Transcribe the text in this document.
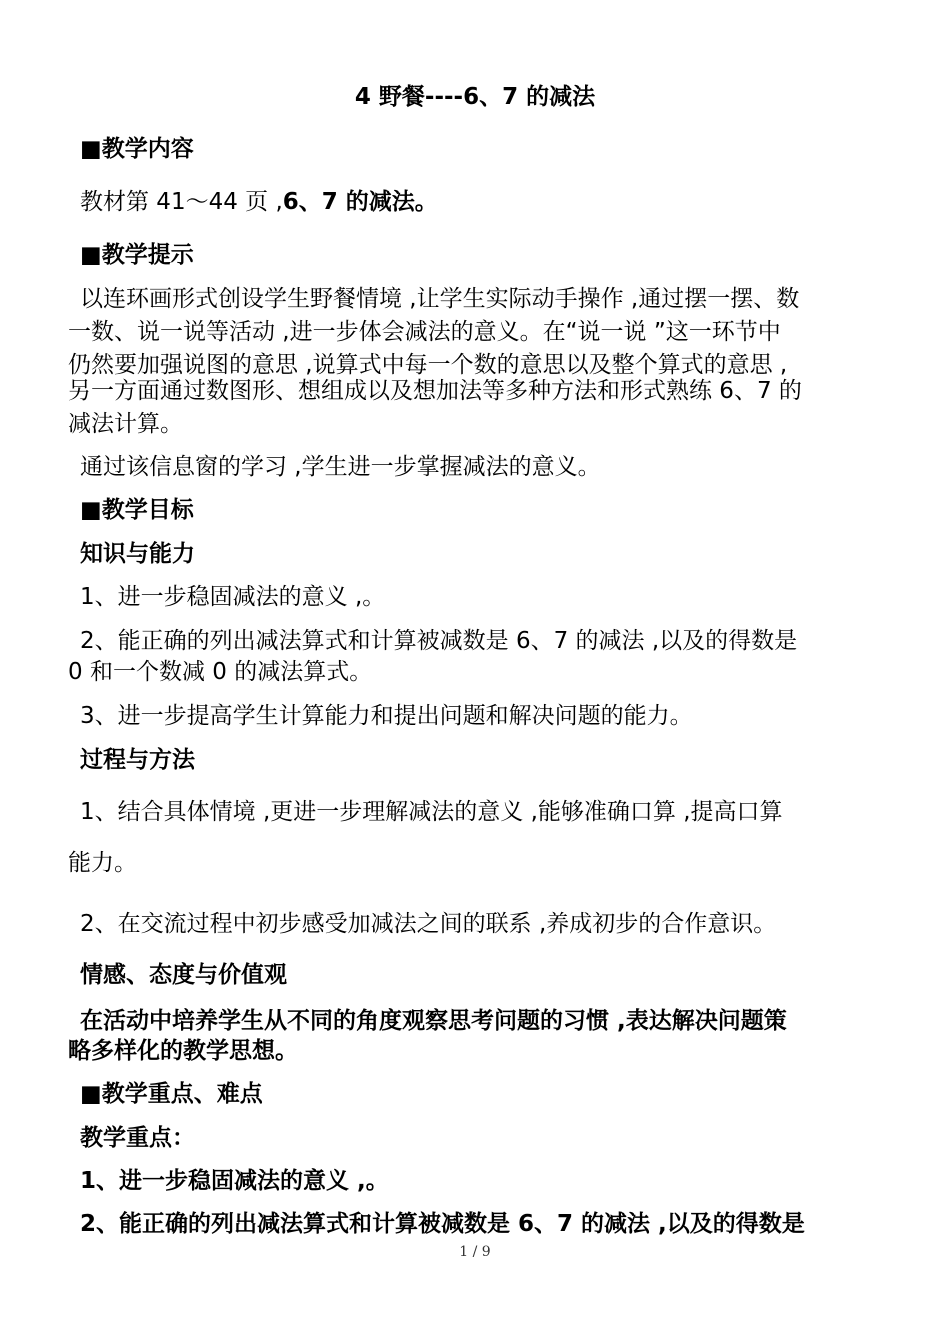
4 野餐----6、7 的减法
■教学内容
教材第 41～44 页 ,6、7 的减法。
■教学提示
以连环画形式创设学生野餐情境 ,让学生实际动手操作 ,通过摆一摆、数
一数、说一说等活动 ,进一步体会减法的意义。在“说一说 ”这一环节中
仍然要加强说图的意思 ,说算式中每一个数的意思以及整个算式的意思 ,
另一方面通过数图形、想组成以及想加法等多种方法和形式熟练 6、7 的
减法计算。
通过该信息窗的学习 ,学生进一步掌握减法的意义。
■教学目标
知识与能力
1、进一步稳固减法的意义 ,。
2、能正确的列出减法算式和计算被减数是 6、7 的减法 ,以及的得数是
0 和一个数减 0 的减法算式。
3、进一步提高学生计算能力和提出问题和解决问题的能力。
过程与方法
1、结合具体情境 ,更进一步理解减法的意义 ,能够准确口算 ,提高口算
能力。
2、在交流过程中初步感受加减法之间的联系 ,养成初步的合作意识。
情感、态度与价值观
在活动中培养学生从不同的角度观察思考问题的习惯 ,表达解决问题策
略多样化的教学思想。
■教学重点、难点
教学重点：
1、进一步稳固减法的意义 ,。
2、能正确的列出减法算式和计算被减数是 6、7 的减法 ,以及的得数是
1 / 9
